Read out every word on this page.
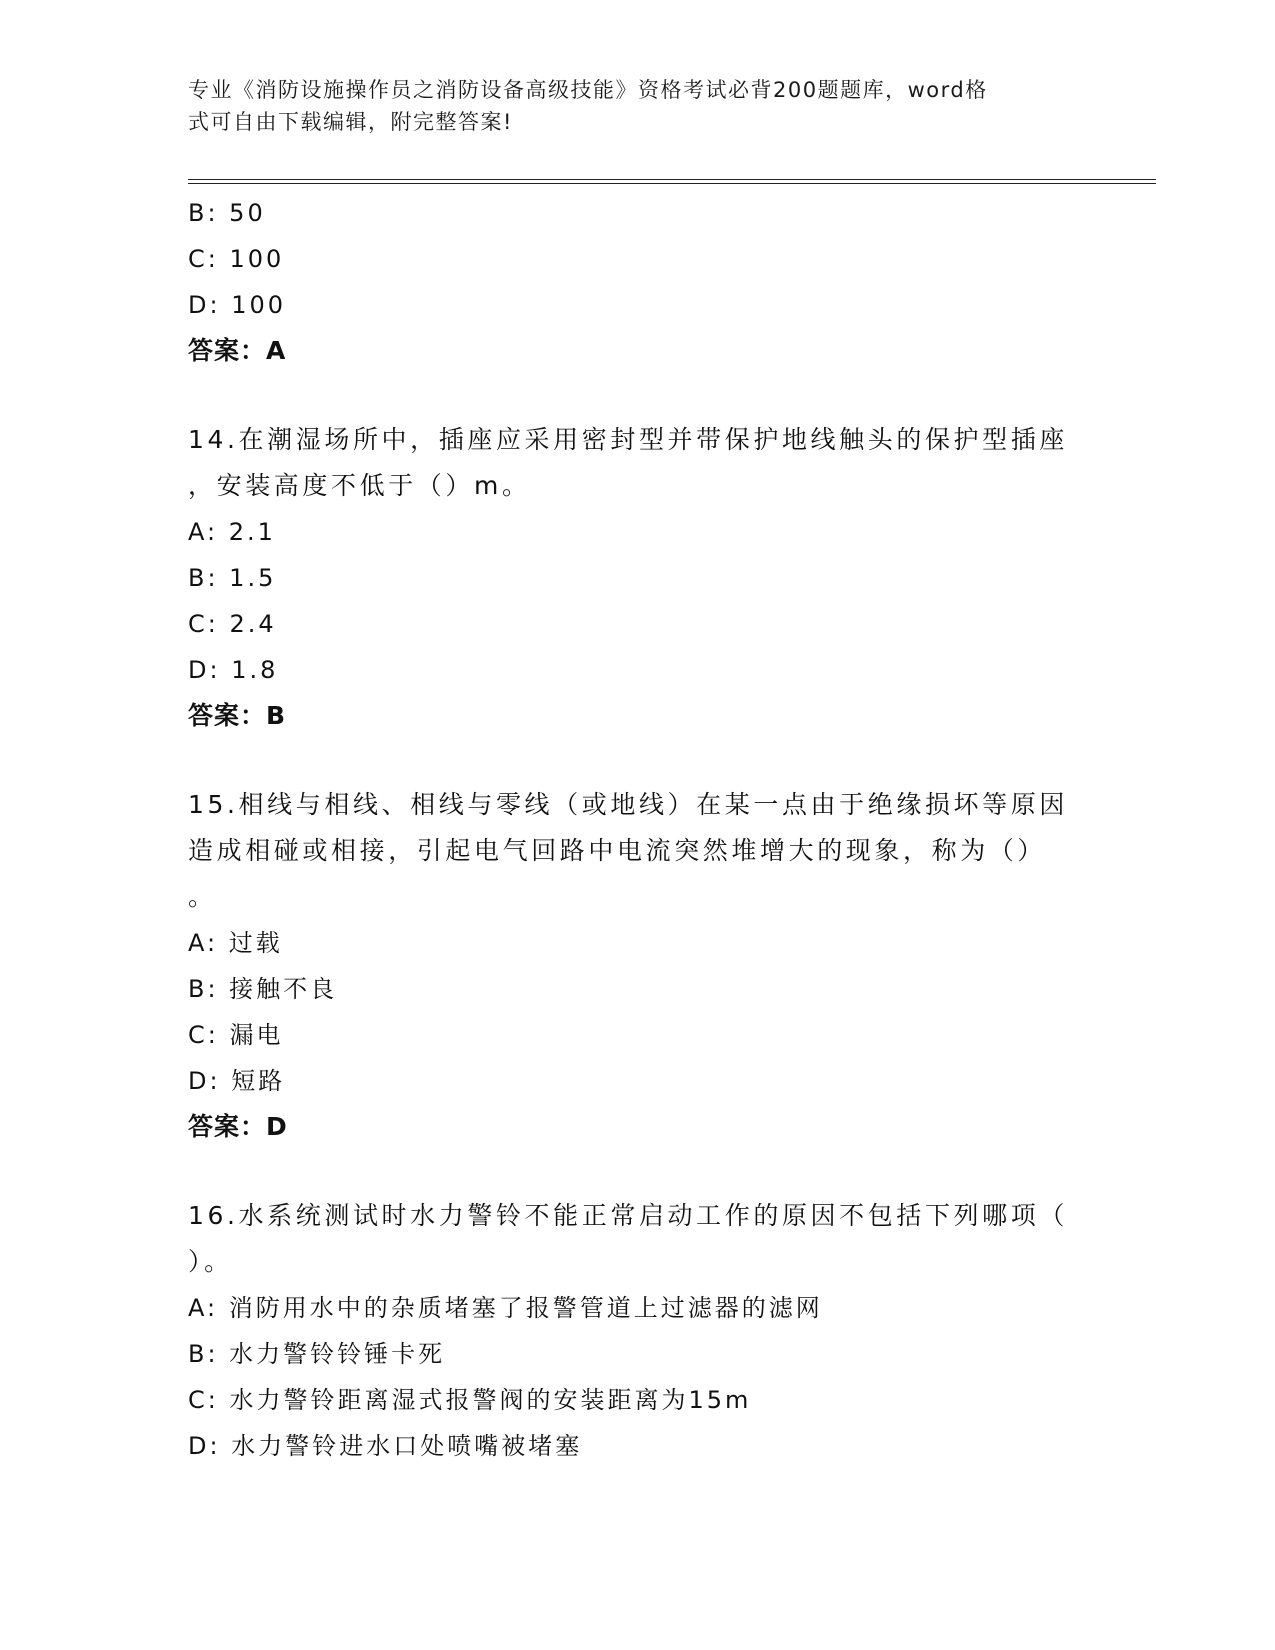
专业《消防设施操作员之消防设备高级技能》资格考试必背200题题库，word格
式可自由下载编辑，附完整答案!
B: 50
C: 100
D: 100
答案：A
14.在潮湿场所中，插座应采用密封型并带保护地线触头的保护型插座
，安装高度不低于（）m。
A: 2.1
B: 1.5
C: 2.4
D: 1.8
答案：B
15.相线与相线、相线与零线（或地线）在某一点由于绝缘损坏等原因
造成相碰或相接，引起电气回路中电流突然堆增大的现象，称为（）
。
A: 过载
B: 接触不良
C: 漏电
D: 短路
答案：D
16.水系统测试时水力警铃不能正常启动工作的原因不包括下列哪项（
）。
A: 消防用水中的杂质堵塞了报警管道上过滤器的滤网
B: 水力警铃铃锤卡死
C: 水力警铃距离湿式报警阀的安装距离为15m
D: 水力警铃进水口处喷嘴被堵塞
